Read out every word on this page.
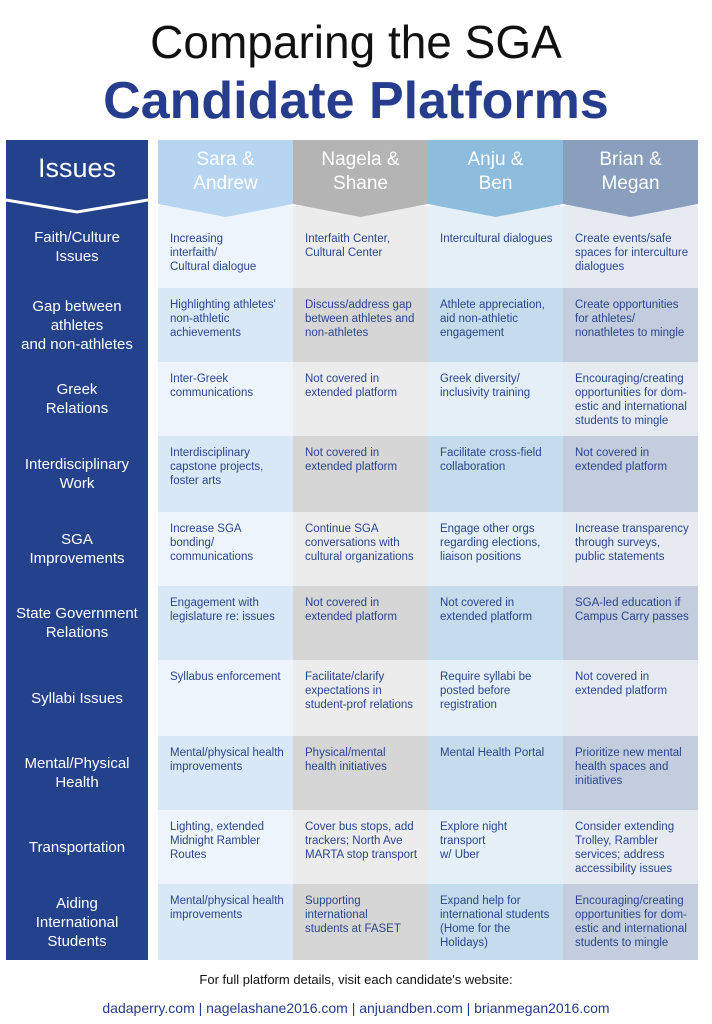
Comparing the SGA
Candidate Platforms
Issues
Faith/Culture
Issues
Gap between
athletes
and non-athletes
Greek
Relations
Interdisciplinary
Work
SGA
Improvements
State Government
Relations
Syllabi Issues
Mental/Physical
Health
Transportation
Aiding
International
Students
Increasing
interfaith/
Cultural dialogue
Highlighting athletes'
non-athletic
achievements
Inter-Greek
communications
Interdisciplinary
capstone projects,
foster arts
Increase SGA bonding/
communications
Engagement with
legislature re: issues
Syllabus enforcement
Mental/physical health
improvements
Lighting, extended
Midnight Rambler
Routes
Mental/physical health
improvements
Sara &
Andrew
Interfaith Center,
Cultural Center
Discuss/address gap
between athletes and
non-athletes
Not covered in
extended platform
Not covered in
extended platform
Continue SGA
conversations with
cultural organizations
Not covered in
extended platform
Facilitate/clarify
expectations in
student-prof relations
Physical/mental
health initiatives
Cover bus stops, add
trackers; North Ave
MARTA stop transport
Supporting international
students at FASET
Nagela &
Shane
Intercultural dialogues
Athlete appreciation,
aid non-athletic
engagement
Greek diversity/
inclusivity training
Facilitate cross-field
collaboration
Engage other orgs
regarding elections,
liaison positions
Not covered in
extended platform
Require syllabi be
posted before
registration
Mental Health Portal
Explore night transport
w/ Uber
Expand help for
international students
(Home for the
Holidays)
Anju &
Ben
Create events/safe
spaces for interculture
dialogues
Create opportunities
for athletes/
nonathletes to mingle
Encouraging/creating
opportunities for dom-
estic and international
students to mingle
Not covered in
extended platform
Increase transparency
through surveys,
public statements
SGA-led education if
Campus Carry passes
Not covered in
extended platform
Prioritize new mental
health spaces and
initiatives
Consider extending
Trolley, Rambler
services; address
accessibility issues
Encouraging/creating
opportunities for dom-
estic and international
students to mingle
Brian &
Megan
For full platform details, visit each candidate's website:
dadaperry.com | nagelashane2016.com | anjuandben.com | brianmegan2016.com
